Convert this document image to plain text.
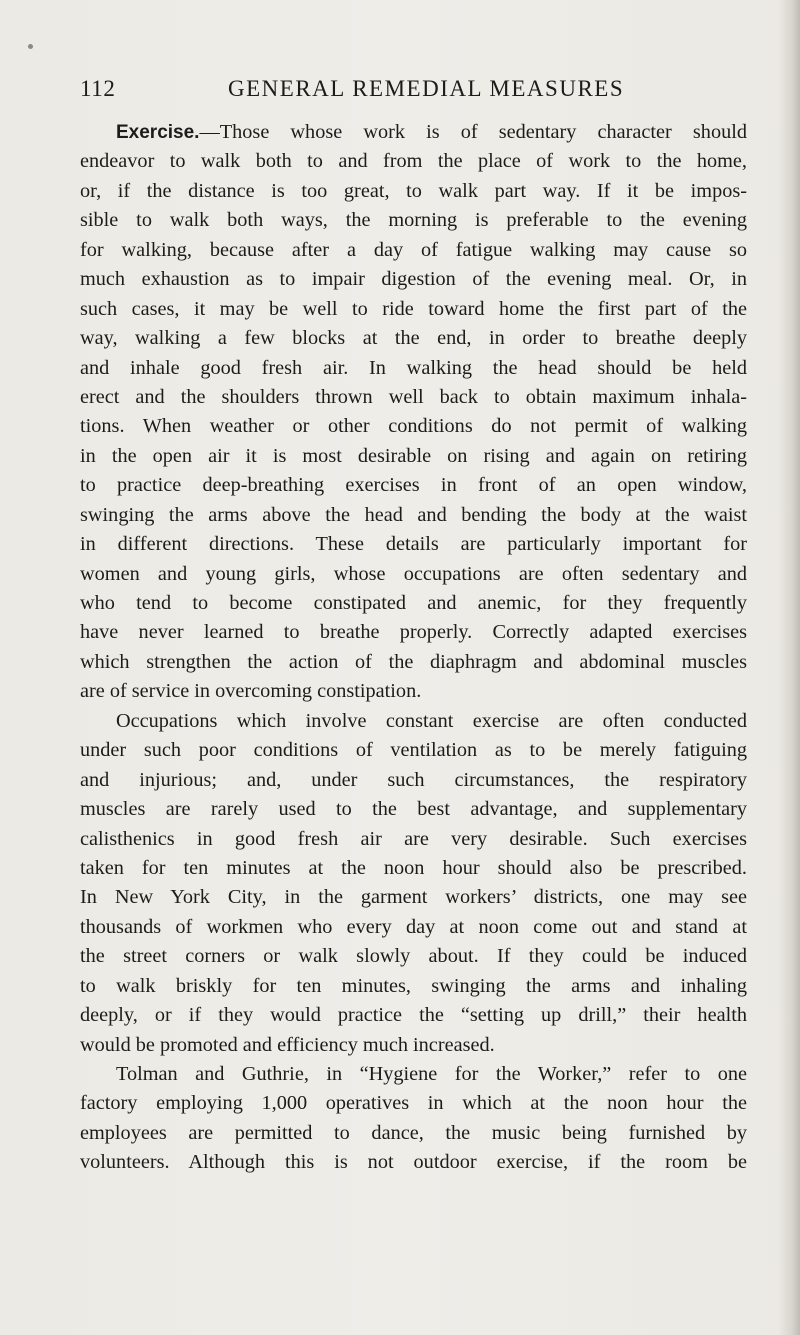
112	GENERAL REMEDIAL MEASURES
Exercise.—Those whose work is of sedentary character should
endeavor to walk both to and from the place of work to the home,
or, if the distance is too great, to walk part way. If it be impos-
sible to walk both ways, the morning is preferable to the evening
for walking, because after a day of fatigue walking may cause so
much exhaustion as to impair digestion of the evening meal. Or, in
such cases, it may be well to ride toward home the first part of the
way, walking a few blocks at the end, in order to breathe deeply
and inhale good fresh air. In walking the head should be held
erect and the shoulders thrown well back to obtain maximum inhala-
tions. When weather or other conditions do not permit of walking
in the open air it is most desirable on rising and again on retiring
to practice deep-breathing exercises in front of an open window,
swinging the arms above the head and bending the body at the waist
in different directions. These details are particularly important for
women and young girls, whose occupations are often sedentary and
who tend to become constipated and anemic, for they frequently
have never learned to breathe properly. Correctly adapted exercises
which strengthen the action of the diaphragm and abdominal muscles
are of service in overcoming constipation.
Occupations which involve constant exercise are often conducted
under such poor conditions of ventilation as to be merely fatiguing
and injurious; and, under such circumstances, the respiratory
muscles are rarely used to the best advantage, and supplementary
calisthenics in good fresh air are very desirable. Such exercises
taken for ten minutes at the noon hour should also be prescribed.
In New York City, in the garment workers’ districts, one may see
thousands of workmen who every day at noon come out and stand at
the street corners or walk slowly about. If they could be induced
to walk briskly for ten minutes, swinging the arms and inhaling
deeply, or if they would practice the “setting up drill,” their health
would be promoted and efficiency much increased.
Tolman and Guthrie, in “Hygiene for the Worker,” refer to one
factory employing 1,000 operatives in which at the noon hour the
employees are permitted to dance, the music being furnished by
volunteers. Although this is not outdoor exercise, if the room be
